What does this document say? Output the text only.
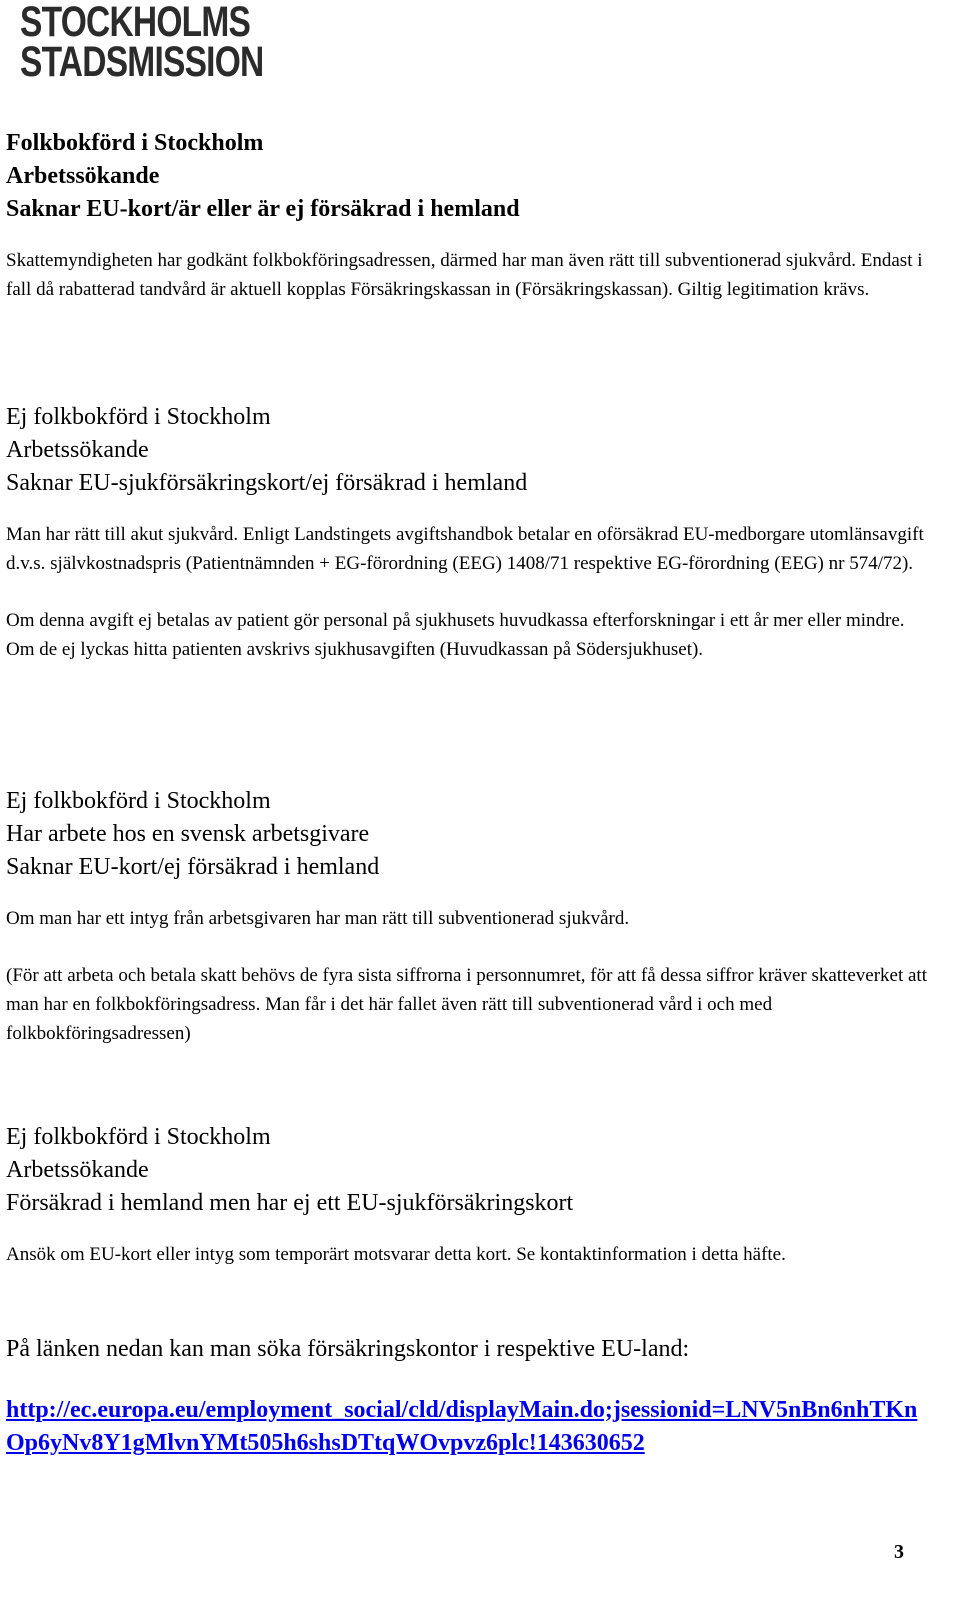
STOCKHOLMS
STADSMISSION
Folkbokförd i Stockholm
Arbetssökande
Saknar EU-kort/är eller är ej försäkrad i hemland

Skattemyndigheten har godkänt folkbokföringsadressen, därmed har man även rätt till subventionerad sjukvård. Endast i fall då rabatterad tandvård är aktuell kopplas Försäkringskassan in (Försäkringskassan). Giltig legitimation krävs.

Ej folkbokförd i Stockholm
Arbetssökande
Saknar EU-sjukförsäkringskort/ej försäkrad i hemland

Man har rätt till akut sjukvård. Enligt Landstingets avgiftshandbok betalar en oförsäkrad EU-medborgare utomlänsavgift d.v.s. självkostnadspris (Patientnämnden + EG-förordning (EEG) 1408/71 respektive EG-förordning (EEG) nr 574/72).

Om denna avgift ej betalas av patient gör personal på sjukhusets huvudkassa efterforskningar i ett år mer eller mindre. Om de ej lyckas hitta patienten avskrivs sjukhusavgiften (Huvudkassan på Södersjukhuset).

Ej folkbokförd i Stockholm
Har arbete hos en svensk arbetsgivare
Saknar EU-kort/ej försäkrad i hemland

Om man har ett intyg från arbetsgivaren har man rätt till subventionerad sjukvård.

(För att arbeta och betala skatt behövs de fyra sista siffrorna i personnumret, för att få dessa siffror kräver skatteverket att man har en folkbokföringsadress. Man får i det här fallet även rätt till subventionerad vård i och med folkbokföringsadressen)

Ej folkbokförd i Stockholm
Arbetssökande
Försäkrad i hemland men har ej ett EU-sjukförsäkringskort

Ansök om EU-kort eller intyg som temporärt motsvarar detta kort. Se kontaktinformation i detta häfte.

På länken nedan kan man söka försäkringskontor i respektive EU-land:
http://ec.europa.eu/employment_social/cld/displayMain.do;jsessionid=LNV5nBn6nhTKnOp6yNv8Y1gMlvnYMt505h6shsDTtqWOvpvz6plc!143630652
3
